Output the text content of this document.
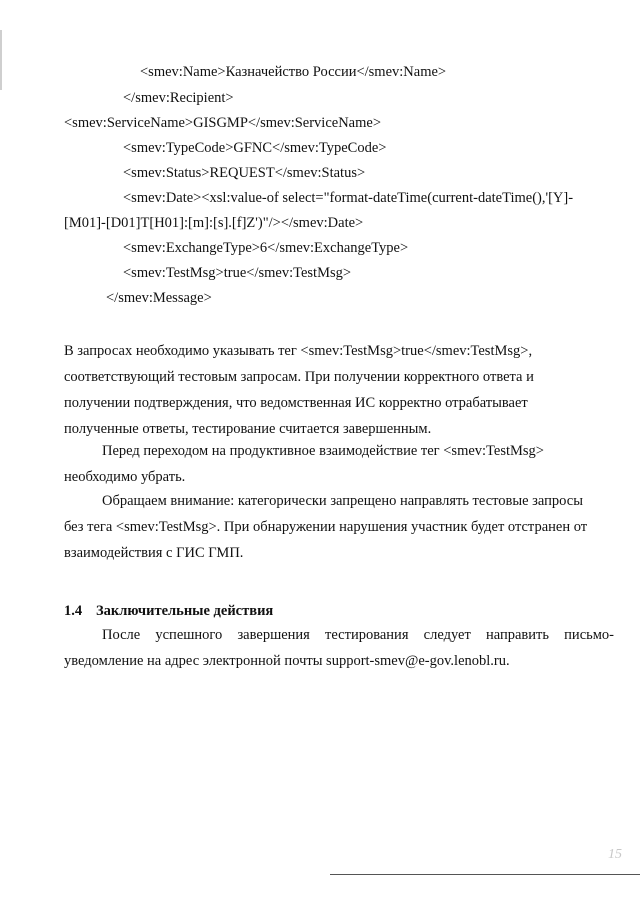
<smev:Name>Казначейство России</smev:Name>
</smev:Recipient>
<smev:ServiceName>GISGMP</smev:ServiceName>
<smev:TypeCode>GFNC</smev:TypeCode>
<smev:Status>REQUEST</smev:Status>
<smev:Date><xsl:value-of select="format-dateTime(current-dateTime(),'[Y]-
[M01]-[D01]T[H01]:[m]:[s].[f]Z')"/></smev:Date>
<smev:ExchangeType>6</smev:ExchangeType>
<smev:TestMsg>true</smev:TestMsg>
</smev:Message>
В запросах необходимо указывать тег <smev:TestMsg>true</smev:TestMsg>,
соответствующий тестовым запросам. При получении корректного ответа и
получении подтверждения, что ведомственная ИС корректно отрабатывает
полученные ответы, тестирование считается завершенным.
Перед переходом на продуктивное взаимодействие тег <smev:TestMsg>
необходимо убрать.
Обращаем внимание: категорически запрещено направлять тестовые запросы
без тега <smev:TestMsg>. При обнаружении нарушения участник будет отстранен от
взаимодействия с ГИС ГМП.
1.4 Заключительные действия
После успешного завершения тестирования следует направить письмо-
уведомление на адрес электронной почты support-smev@e-gov.lenobl.ru.
15
